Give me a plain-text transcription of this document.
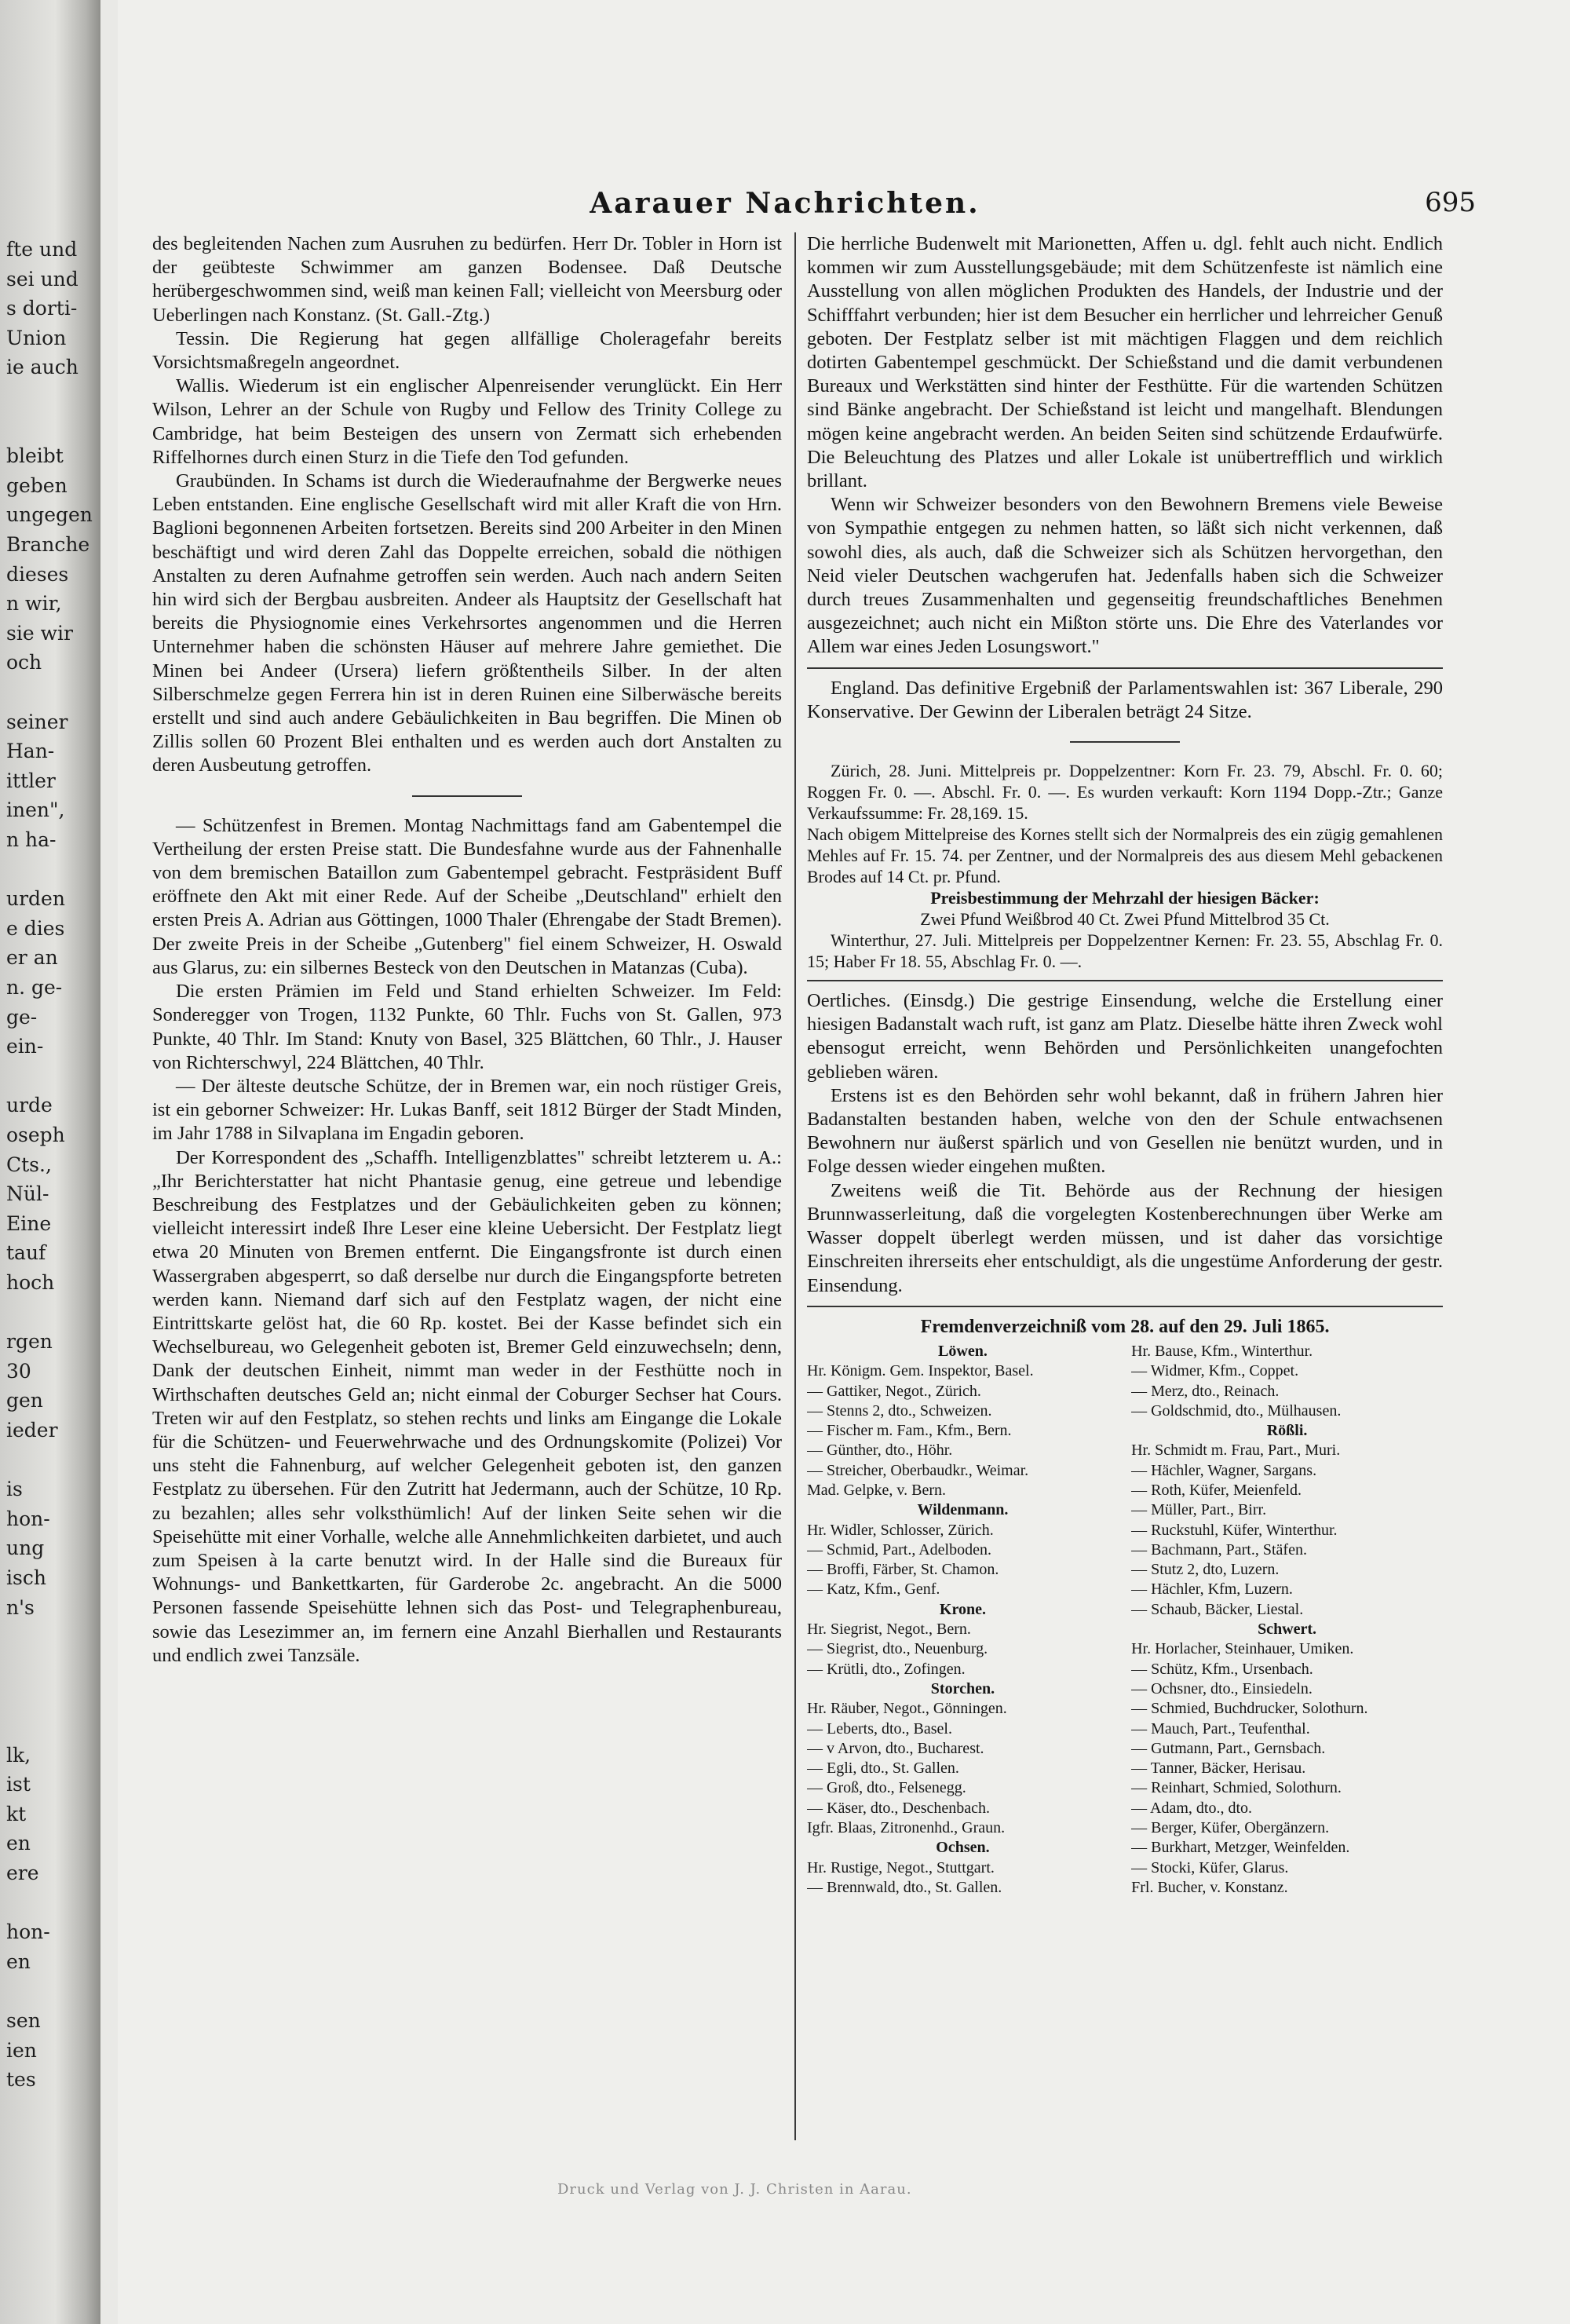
fte und
sei und
s dorti-
Union
ie auch
bleibt
geben
ungegen
Branche
dieses
n wir,
sie wir
och
seiner
Han-
ittler
inen",
n ha-
urden
e dies
er an
n. ge-
ge-
ein-
urde
oseph
Cts.,
Nül-
Eine
tauf
hoch
rgen
30
gen
ieder
is
hon-
ung
isch
n's
lk,
ist
kt
en
ere
hon-
en
sen
ien
tes
Aarauer Nachrichten.	695

des begleitenden Nachen zum Ausruhen zu bedürfen. Herr Dr. Tobler in Horn ist der geübteste Schwimmer am ganzen Bodensee. Daß Deutsche herübergeschwommen sind, weiß man keinen Fall; vielleicht von Meersburg oder Ueberlingen nach Konstanz. (St. Gall.-Ztg.)

Tessin. Die Regierung hat gegen allfällige Choleragefahr bereits Vorsichtsmaßregeln angeordnet.

Wallis. Wiederum ist ein englischer Alpenreisender verunglückt. Ein Herr Wilson, Lehrer an der Schule von Rugby und Fellow des Trinity College zu Cambridge, hat beim Besteigen des unsern von Zermatt sich erhebenden Riffelhornes durch einen Sturz in die Tiefe den Tod gefunden.

Graubünden. In Schams ist durch die Wiederaufnahme der Bergwerke neues Leben entstanden. Eine englische Gesellschaft wird mit aller Kraft die von Hrn. Baglioni begonnenen Arbeiten fortsetzen. Bereits sind 200 Arbeiter in den Minen beschäftigt und wird deren Zahl das Doppelte erreichen, sobald die nöthigen Anstalten zu deren Aufnahme getroffen sein werden. Auch nach andern Seiten hin wird sich der Bergbau ausbreiten. Andeer als Hauptsitz der Gesellschaft hat bereits die Physiognomie eines Verkehrsortes angenommen und die Herren Unternehmer haben die schönsten Häuser auf mehrere Jahre gemiethet. Die Minen bei Andeer (Ursera) liefern größtentheils Silber. In der alten Silberschmelze gegen Ferrera hin ist in deren Ruinen eine Silberwäsche bereits erstellt und sind auch andere Gebäulichkeiten in Bau begriffen. Die Minen ob Zillis sollen 60 Prozent Blei enthalten und es werden auch dort Anstalten zu deren Ausbeutung getroffen.

— Schützenfest in Bremen. Montag Nachmittags fand am Gabentempel die Vertheilung der ersten Preise statt. Die Bundesfahne wurde aus der Fahnenhalle von dem bremischen Bataillon zum Gabentempel gebracht. Festpräsident Buff eröffnete den Akt mit einer Rede. Auf der Scheibe „Deutschland" erhielt den ersten Preis A. Adrian aus Göttingen, 1000 Thaler (Ehrengabe der Stadt Bremen). Der zweite Preis in der Scheibe „Gutenberg" fiel einem Schweizer, H. Oswald aus Glarus, zu: ein silbernes Besteck von den Deutschen in Matanzas (Cuba).

Die ersten Prämien im Feld und Stand erhielten Schweizer. Im Feld: Sonderegger von Trogen, 1132 Punkte, 60 Thlr. Fuchs von St. Gallen, 973 Punkte, 40 Thlr. Im Stand: Knuty von Basel, 325 Blättchen, 60 Thlr., J. Hauser von Richterschwyl, 224 Blättchen, 40 Thlr.

— Der älteste deutsche Schütze, der in Bremen war, ein noch rüstiger Greis, ist ein geborner Schweizer: Hr. Lukas Banff, seit 1812 Bürger der Stadt Minden, im Jahr 1788 in Silvaplana im Engadin geboren.

Der Korrespondent des „Schaffh. Intelligenzblattes" schreibt letzterem u. A.: „Ihr Berichterstatter hat nicht Phantasie genug, eine getreue und lebendige Beschreibung des Festplatzes und der Gebäulichkeiten geben zu können; vielleicht interessirt indeß Ihre Leser eine kleine Uebersicht. Der Festplatz liegt etwa 20 Minuten von Bremen entfernt. Die Eingangsfronte ist durch einen Wassergraben abgesperrt, so daß derselbe nur durch die Eingangspforte betreten werden kann. Niemand darf sich auf den Festplatz wagen, der nicht eine Eintrittskarte gelöst hat, die 60 Rp. kostet. Bei der Kasse befindet sich ein Wechselbureau, wo Gelegenheit geboten ist, Bremer Geld einzuwechseln; denn, Dank der deutschen Einheit, nimmt man weder in der Festhütte noch in Wirthschaften deutsches Geld an; nicht einmal der Coburger Sechser hat Cours. Treten wir auf den Festplatz, so stehen rechts und links am Eingange die Lokale für die Schützen- und Feuerwehrwache und des Ordnungskomite (Polizei) Vor uns steht die Fahnenburg, auf welcher Gelegenheit geboten ist, den ganzen Festplatz zu übersehen. Für den Zutritt hat Jedermann, auch der Schütze, 10 Rp. zu bezahlen; alles sehr volksthümlich! Auf der linken Seite sehen wir die Speisehütte mit einer Vorhalle, welche alle Annehmlichkeiten darbietet, und auch zum Speisen à la carte benutzt wird. In der Halle sind die Bureaux für Wohnungs- und Bankettkarten, für Garderobe 2c. angebracht. An die 5000 Personen fassende Speisehütte lehnen sich das Post- und Telegraphenbureau, sowie das Lesezimmer an, im fernern eine Anzahl Bierhallen und Restaurants und endlich zwei Tanzsäle.

Die herrliche Budenwelt mit Marionetten, Affen u. dgl. fehlt auch nicht. Endlich kommen wir zum Ausstellungsgebäude; mit dem Schützenfeste ist nämlich eine Ausstellung von allen möglichen Produkten des Handels, der Industrie und der Schifffahrt verbunden; hier ist dem Besucher ein herrlicher und lehrreicher Genuß geboten. Der Festplatz selber ist mit mächtigen Flaggen und dem reichlich dotirten Gabentempel geschmückt. Der Schießstand und die damit verbundenen Bureaux und Werkstätten sind hinter der Festhütte. Für die wartenden Schützen sind Bänke angebracht. Der Schießstand ist leicht und mangelhaft. Blendungen mögen keine angebracht werden. An beiden Seiten sind schützende Erdaufwürfe. Die Beleuchtung des Platzes und aller Lokale ist unübertrefflich und wirklich brillant.

Wenn wir Schweizer besonders von den Bewohnern Bremens viele Beweise von Sympathie entgegen zu nehmen hatten, so läßt sich nicht verkennen, daß sowohl dies, als auch, daß die Schweizer sich als Schützen hervorgethan, den Neid vieler Deutschen wachgerufen hat. Jedenfalls haben sich die Schweizer durch treues Zusammenhalten und gegenseitig freundschaftliches Benehmen ausgezeichnet; auch nicht ein Mißton störte uns. Die Ehre des Vaterlandes vor Allem war eines Jeden Losungswort."

England. Das definitive Ergebniß der Parlamentswahlen ist: 367 Liberale, 290 Konservative. Der Gewinn der Liberalen beträgt 24 Sitze.

Zürich, 28. Juni. Mittelpreis pr. Doppelzentner: Korn Fr. 23. 79, Abschl. Fr. 0. 60; Roggen Fr. 0. —. Abschl. Fr. 0. —. Es wurden verkauft: Korn 1194 Dopp.-Ztr.; Ganze Verkaufssumme: Fr. 28,169. 15.

Nach obigem Mittelpreise des Kornes stellt sich der Normalpreis des ein zügig gemahlenen Mehles auf Fr. 15. 74. per Zentner, und der Normalpreis des aus diesem Mehl gebackenen Brodes auf 14 Ct. pr. Pfund.

Preisbestimmung der Mehrzahl der hiesigen Bäcker:

Zwei Pfund Weißbrod 40 Ct. Zwei Pfund Mittelbrod 35 Ct.

Winterthur, 27. Juli. Mittelpreis per Doppelzentner Kernen: Fr. 23. 55, Abschlag Fr. 0. 15; Haber Fr 18. 55, Abschlag Fr. 0. —.

Oertliches. (Einsdg.) Die gestrige Einsendung, welche die Erstellung einer hiesigen Badanstalt wach ruft, ist ganz am Platz. Dieselbe hätte ihren Zweck wohl ebensogut erreicht, wenn Behörden und Persönlichkeiten unangefochten geblieben wären.

Erstens ist es den Behörden sehr wohl bekannt, daß in frühern Jahren hier Badanstalten bestanden haben, welche von den der Schule entwachsenen Bewohnern nur äußerst spärlich und von Gesellen nie benützt wurden, und in Folge dessen wieder eingehen mußten.

Zweitens weiß die Tit. Behörde aus der Rechnung der hiesigen Brunnwasserleitung, daß die vorgelegten Kostenberechnungen über Werke am Wasser doppelt überlegt werden müssen, und ist daher das vorsichtige Einschreiten ihrerseits eher entschuldigt, als die ungestüme Anforderung der gestr. Einsendung.

Fremdenverzeichniß vom 28. auf den 29. Juli 1865.
Löwen.
Hr. Königm. Gem. Inspektor, Basel.
— Gattiker, Negot., Zürich.
— Stenns 2, dto., Schweizen.
— Fischer m. Fam., Kfm., Bern.
— Günther, dto., Höhr.
— Streicher, Oberbaudkr., Weimar.
Mad. Gelpke, v. Bern.
Wildenmann.
Hr. Widler, Schlosser, Zürich.
— Schmid, Part., Adelboden.
— Broffi, Färber, St. Chamon.
— Katz, Kfm., Genf.
Krone.
Hr. Siegrist, Negot., Bern.
— Siegrist, dto., Neuenburg.
— Krütli, dto., Zofingen.
Storchen.
Hr. Räuber, Negot., Gönningen.
— Leberts, dto., Basel.
— v Arvon, dto., Bucharest.
— Egli, dto., St. Gallen.
— Groß, dto., Felsenegg.
— Käser, dto., Deschenbach.
Igfr. Blaas, Zitronenhd., Graun.
Ochsen.
Hr. Rustige, Negot., Stuttgart.
— Brennwald, dto., St. Gallen.
Hr. Bause, Kfm., Winterthur.
— Widmer, Kfm., Coppet.
— Merz, dto., Reinach.
— Goldschmid, dto., Mülhausen.
Rößli.
Hr. Schmidt m. Frau, Part., Muri.
— Hächler, Wagner, Sargans.
— Roth, Küfer, Meienfeld.
— Müller, Part., Birr.
— Ruckstuhl, Küfer, Winterthur.
— Bachmann, Part., Stäfen.
— Stutz 2, dto, Luzern.
— Hächler, Kfm, Luzern.
— Schaub, Bäcker, Liestal.
Schwert.
Hr. Horlacher, Steinhauer, Umiken.
— Schütz, Kfm., Ursenbach.
— Ochsner, dto., Einsiedeln.
— Schmied, Buchdrucker, Solothurn.
— Mauch, Part., Teufenthal.
— Gutmann, Part., Gernsbach.
— Tanner, Bäcker, Herisau.
— Reinhart, Schmied, Solothurn.
— Adam, dto., dto.
— Berger, Küfer, Obergänzern.
— Burkhart, Metzger, Weinfelden.
— Stocki, Küfer, Glarus.
Frl. Bucher, v. Konstanz.
Druck und Verlag von J. J. Christen in Aarau.
